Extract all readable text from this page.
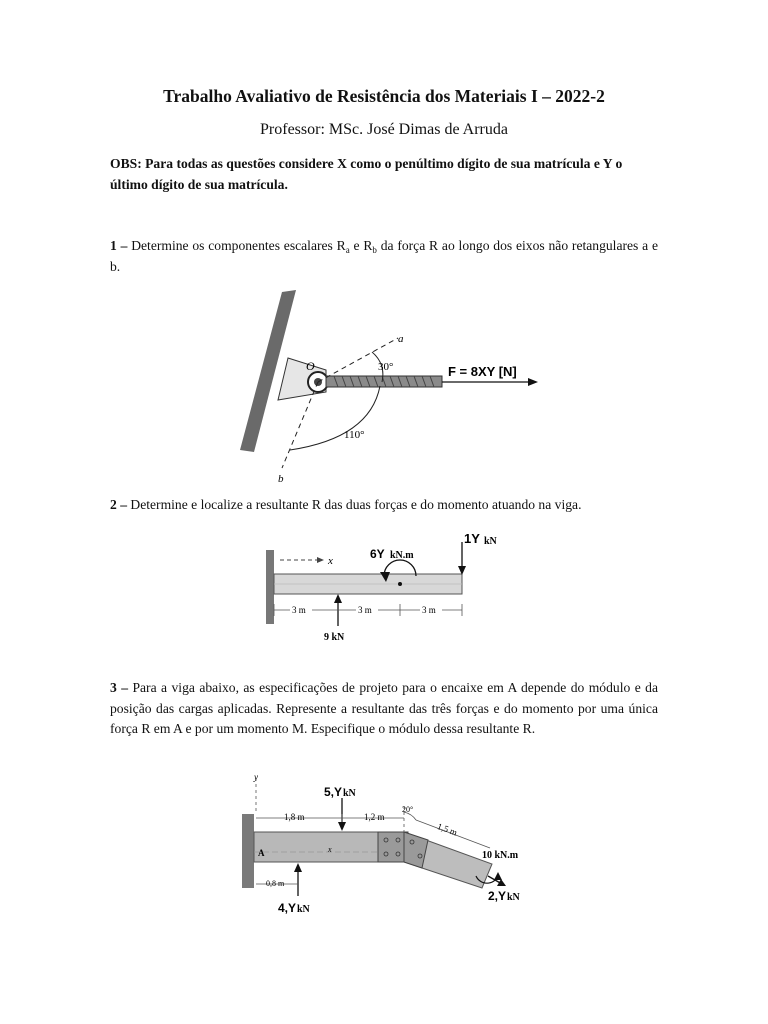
Trabalho Avaliativo de Resistência dos Materiais I – 2022-2
Professor: MSc. José Dimas de Arruda
OBS: Para todas as questões considere X como o penúltimo dígito de sua matrícula e Y o último dígito de sua matrícula.
1 – Determine os componentes escalares $R_a$ e $R_b$ da força R ao longo dos eixos não retangulares a e b.
a
b
O	30°
110°
F = 8XY [N]
2 – Determine e localize a resultante R das duas forças e do momento atuando na viga.
x
1Y kN
6Y kN.m
9 kN
3 m	3 m	3 m
3 – Para a viga abaixo, as especificações de projeto para o encaixe em A depende do módulo e da posição das cargas aplicadas. Represente a resultante das três forças e do momento por uma única força R em A e por um momento M. Especifique o módulo dessa resultante R.
y
5,Y kN
1,8 m	1,2 m
20°
1,5 m
10 kN.m
2,Y kN
A	x
0,8 m
4,Y kN
